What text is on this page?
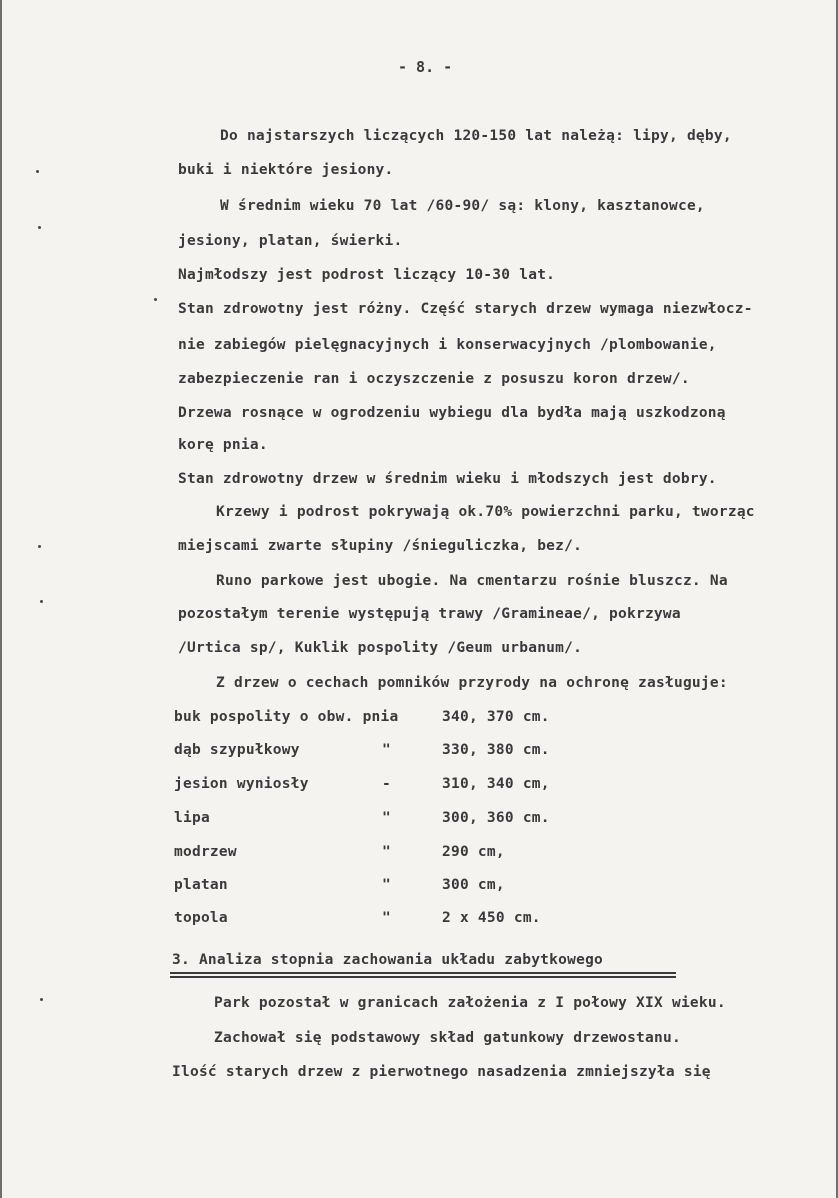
- 8. -
Do najstarszych liczących 120-150 lat należą: lipy, dęby,
buki i niektóre jesiony.
W średnim wieku 70 lat /60-90/ są: klony, kasztanowce,
jesiony, platan, świerki.
Najmłodszy jest podrost liczący 10-30 lat.
Stan zdrowotny jest różny. Część starych drzew wymaga niezwłocz-
nie zabiegów pielęgnacyjnych i konserwacyjnych /plombowanie,
zabezpieczenie ran i oczyszczenie z posuszu koron drzew/.
Drzewa rosnące w ogrodzeniu wybiegu dla bydła mają uszkodzoną
korę pnia.
Stan zdrowotny drzew w średnim wieku i młodszych jest dobry.
Krzewy i podrost pokrywają ok.70% powierzchni parku, tworząc
miejscami zwarte słupiny /śnieguliczka, bez/.
Runo parkowe jest ubogie. Na cmentarzu rośnie bluszcz. Na
pozostałym terenie występują trawy /Gramineae/, pokrzywa
/Urtica sp/, Kuklik pospolity /Geum urbanum/.
Z drzew o cechach pomników przyrody na ochronę zasługuje:
buk pospolity o obw. pnia	340, 370 cm.
dąb szypułkowy	"	330, 380 cm.
jesion wyniosły	-	310, 340 cm,
lipa	"	300, 360 cm.
modrzew	"	290 cm,
platan	"	300 cm,
topola	"	2 x 450 cm.
3. Analiza stopnia zachowania układu zabytkowego
Park pozostał w granicach założenia z I połowy XIX wieku.
Zachował się podstawowy skład gatunkowy drzewostanu.
Ilość starych drzew z pierwotnego nasadzenia zmniejszyła się
